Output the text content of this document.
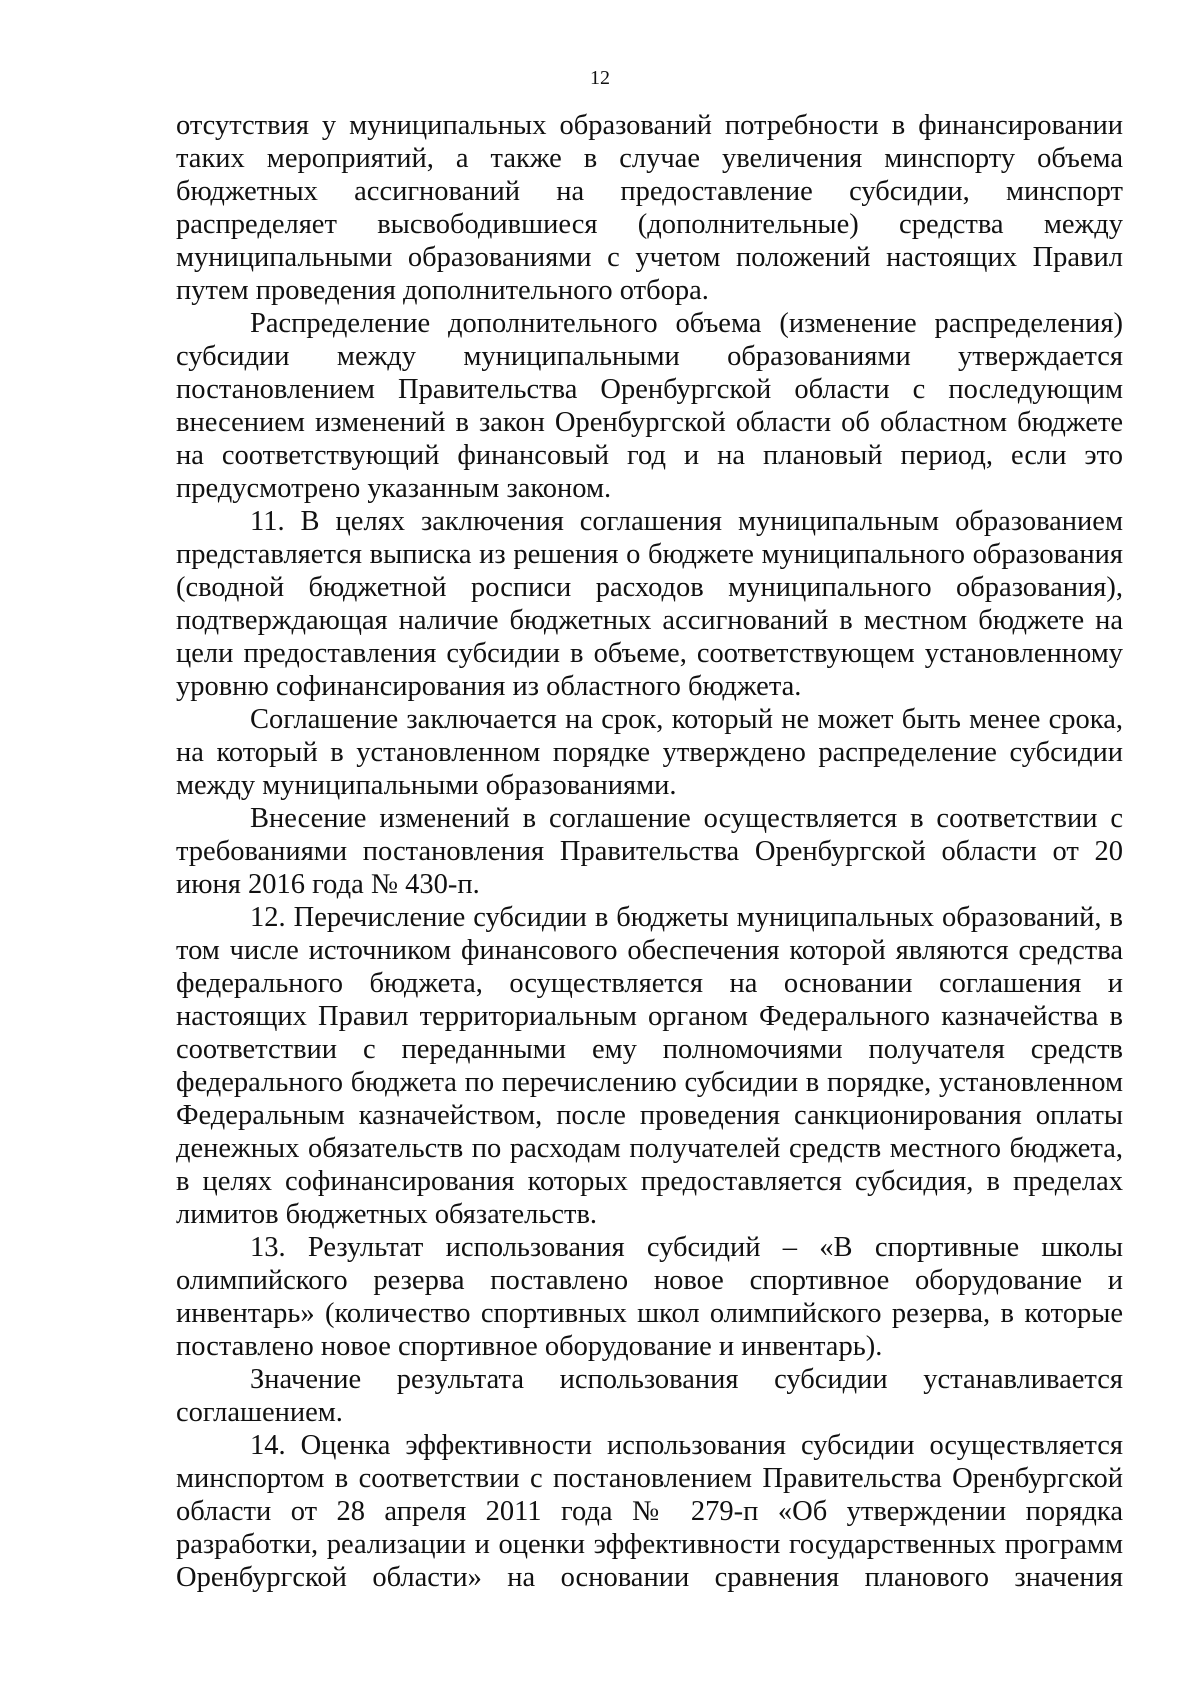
12

отсутствия у муниципальных образований потребности в финансировании таких мероприятий, а также в случае увеличения минспорту объема бюджетных ассигнований на предоставление субсидии, минспорт распределяет высвободившиеся (дополнительные) средства между муниципальными образованиями с учетом положений настоящих Правил путем проведения дополнительного отбора.

Распределение дополнительного объема (изменение распределения) субсидии между муниципальными образованиями утверждается постановлением Правительства Оренбургской области с последующим внесением изменений в закон Оренбургской области об областном бюджете на соответствующий финансовый год и на плановый период, если это предусмотрено указанным законом.

11. В целях заключения соглашения муниципальным образованием представляется выписка из решения о бюджете муниципального образования (сводной бюджетной росписи расходов муниципального образования), подтверждающая наличие бюджетных ассигнований в местном бюджете на цели предоставления субсидии в объеме, соответствующем установленному уровню софинансирования из областного бюджета.

Соглашение заключается на срок, который не может быть менее срока, на который в установленном порядке утверждено распределение субсидии между муниципальными образованиями.

Внесение изменений в соглашение осуществляется в соответствии с требованиями постановления Правительства Оренбургской области от 20 июня 2016 года № 430-п.

12. Перечисление субсидии в бюджеты муниципальных образований, в том числе источником финансового обеспечения которой являются средства федерального бюджета, осуществляется на основании соглашения и настоящих Правил территориальным органом Федерального казначейства в соответствии с переданными ему полномочиями получателя средств федерального бюджета по перечислению субсидии в порядке, установленном Федеральным казначейством, после проведения санкционирования оплаты денежных обязательств по расходам получателей средств местного бюджета, в целях софинансирования которых предоставляется субсидия, в пределах лимитов бюджетных обязательств.

13. Результат использования субсидий – «В спортивные школы олимпийского резерва поставлено новое спортивное оборудование и инвентарь» (количество спортивных школ олимпийского резерва, в которые поставлено новое спортивное оборудование и инвентарь).

Значение результата использования субсидии устанавливается соглашением.

14. Оценка эффективности использования субсидии осуществляется минспортом в соответствии с постановлением Правительства Оренбургской области от 28 апреля 2011 года № 279-п «Об утверждении порядка разработки, реализации и оценки эффективности государственных программ Оренбургской области» на основании сравнения планового значения
